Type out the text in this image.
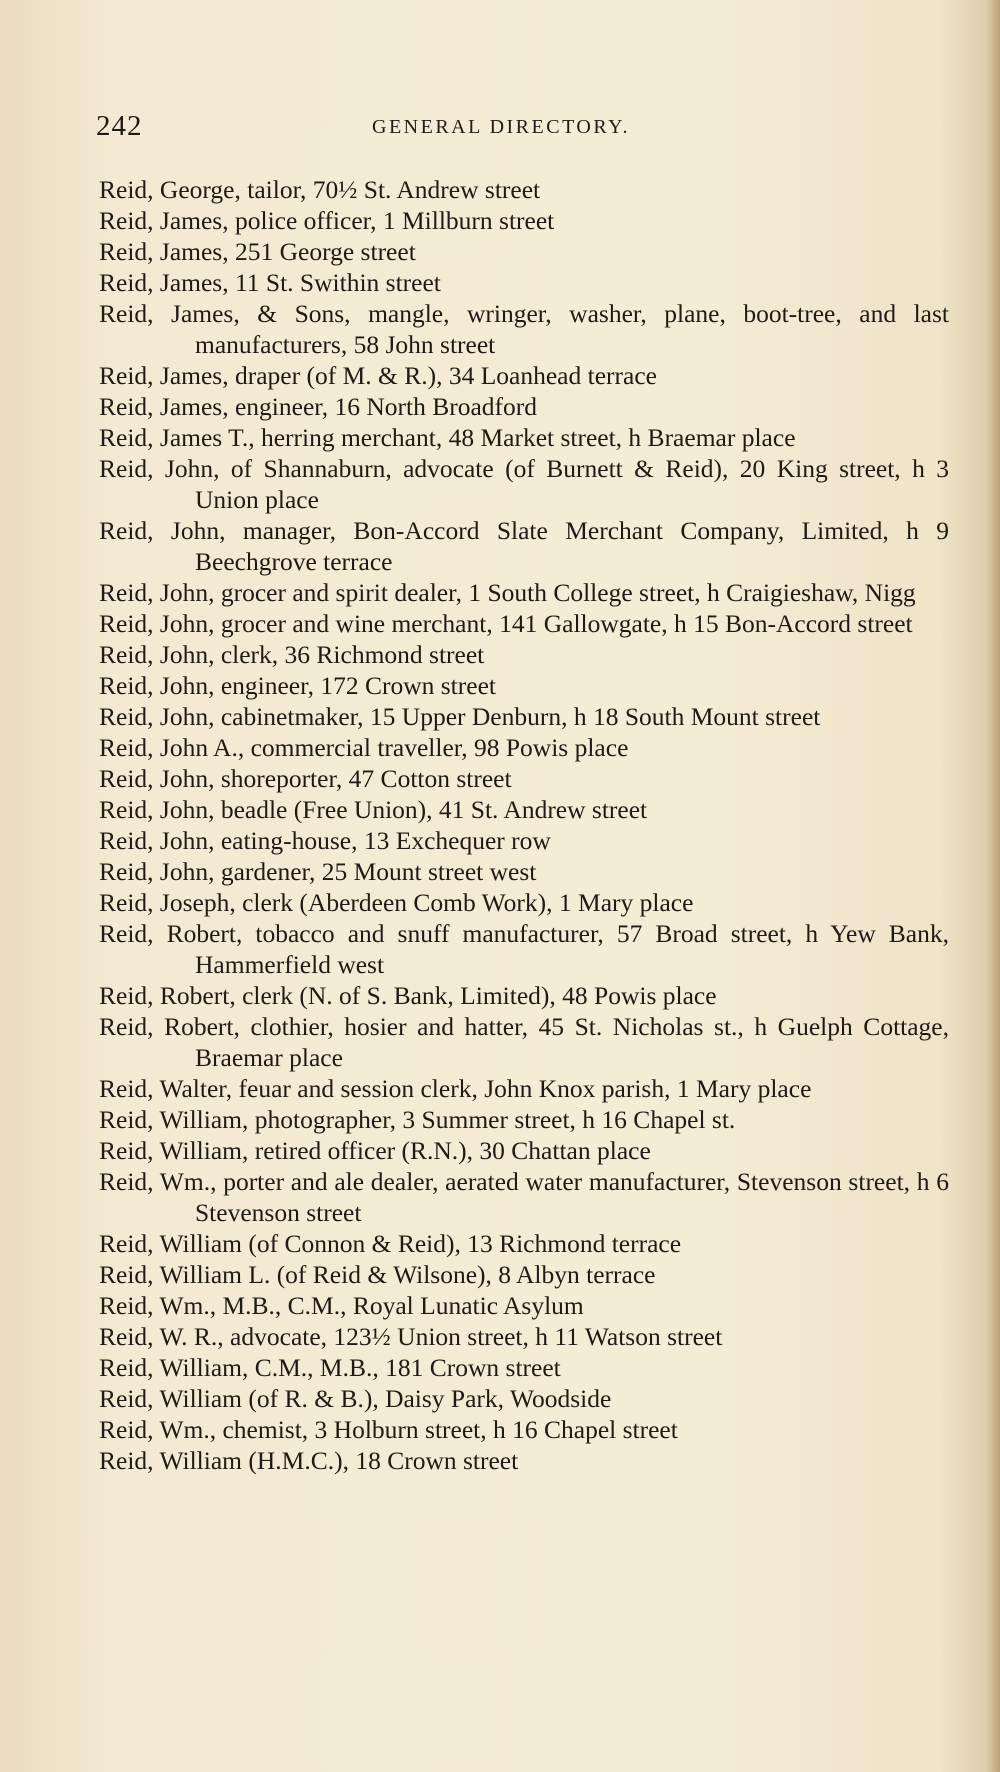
242	GENERAL DIRECTORY.
Reid, George, tailor, 70½ St. Andrew street
Reid, James, police officer, 1 Millburn street
Reid, James, 251 George street
Reid, James, 11 St. Swithin street
Reid, James, & Sons, mangle, wringer, washer, plane, boot-tree, and last manufacturers, 58 John street
Reid, James, draper (of M. & R.), 34 Loanhead terrace
Reid, James, engineer, 16 North Broadford
Reid, James T., herring merchant, 48 Market street, h Braemar place
Reid, John, of Shannaburn, advocate (of Burnett & Reid), 20 King street, h 3 Union place
Reid, John, manager, Bon-Accord Slate Merchant Company, Limited, h 9 Beechgrove terrace
Reid, John, grocer and spirit dealer, 1 South College street, h Craigieshaw, Nigg
Reid, John, grocer and wine merchant, 141 Gallowgate, h 15 Bon-Accord street
Reid, John, clerk, 36 Richmond street
Reid, John, engineer, 172 Crown street
Reid, John, cabinetmaker, 15 Upper Denburn, h 18 South Mount street
Reid, John A., commercial traveller, 98 Powis place
Reid, John, shoreporter, 47 Cotton street
Reid, John, beadle (Free Union), 41 St. Andrew street
Reid, John, eating-house, 13 Exchequer row
Reid, John, gardener, 25 Mount street west
Reid, Joseph, clerk (Aberdeen Comb Work), 1 Mary place
Reid, Robert, tobacco and snuff manufacturer, 57 Broad street, h Yew Bank, Hammerfield west
Reid, Robert, clerk (N. of S. Bank, Limited), 48 Powis place
Reid, Robert, clothier, hosier and hatter, 45 St. Nicholas st., h Guelph Cottage, Braemar place
Reid, Walter, feuar and session clerk, John Knox parish, 1 Mary place
Reid, William, photographer, 3 Summer street, h 16 Chapel st.
Reid, William, retired officer (R.N.), 30 Chattan place
Reid, Wm., porter and ale dealer, aerated water manufacturer, Stevenson street, h 6 Stevenson street
Reid, William (of Connon & Reid), 13 Richmond terrace
Reid, William L. (of Reid & Wilsone), 8 Albyn terrace
Reid, Wm., M.B., C.M., Royal Lunatic Asylum
Reid, W. R., advocate, 123½ Union street, h 11 Watson street
Reid, William, C.M., M.B., 181 Crown street
Reid, William (of R. & B.), Daisy Park, Woodside
Reid, Wm., chemist, 3 Holburn street, h 16 Chapel street
Reid, William (H.M.C.), 18 Crown street
